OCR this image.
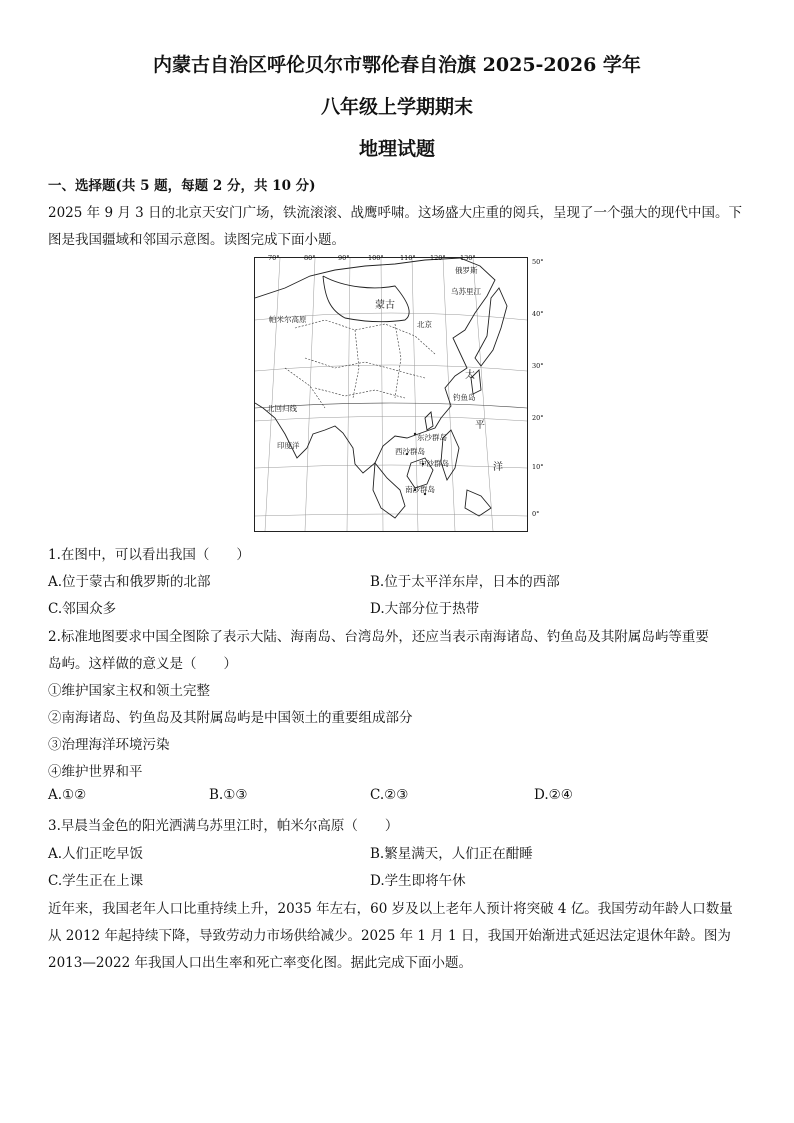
内蒙古自治区呼伦贝尔市鄂伦春自治旗 2025-2026 学年
八年级上学期期末
地理试题
一、选择题(共 5 题，每题 2 分，共 10 分)
2025 年 9 月 3 日的北京天安门广场，铁流滚滚、战鹰呼啸。这场盛大庄重的阅兵，呈现了一个强大的现代中国。下
图是我国疆域和邻国示意图。读图完成下面小题。
俄罗斯
乌苏里江
蒙古
帕米尔高原
北京
太
钓鱼岛
北回归线
平
东沙群岛
印度洋
西沙群岛
洋
中沙群岛
南沙群岛
70°	80°	90°	100°	110° 120° 130°	50°
40°
30°
20°
10°
0°
1.在图中，可以看出我国（　　）
A.位于蒙古和俄罗斯的北部	B.位于太平洋东岸，日本的西部
C.邻国众多	D.大部分位于热带
2.标准地图要求中国全图除了表示大陆、海南岛、台湾岛外，还应当表示南海诸岛、钓鱼岛及其附属岛屿等重要
岛屿。这样做的意义是（　　）
①维护国家主权和领土完整
②南海诸岛、钓鱼岛及其附属岛屿是中国领土的重要组成部分
③治理海洋环境污染
④维护世界和平
A.①②	B.①③	C.②③	D.②④
3.早晨当金色的阳光洒满乌苏里江时，帕米尔高原（　　）
A.人们正吃早饭	B.繁星满天，人们正在酣睡
C.学生正在上课	D.学生即将午休
近年来，我国老年人口比重持续上升，2035 年左右，60 岁及以上老年人预计将突破 4 亿。我国劳动年龄人口数量
从 2012 年起持续下降，导致劳动力市场供给减少。2025 年 1 月 1 日，我国开始渐进式延迟法定退休年龄。图为
2013—2022 年我国人口出生率和死亡率变化图。据此完成下面小题。
